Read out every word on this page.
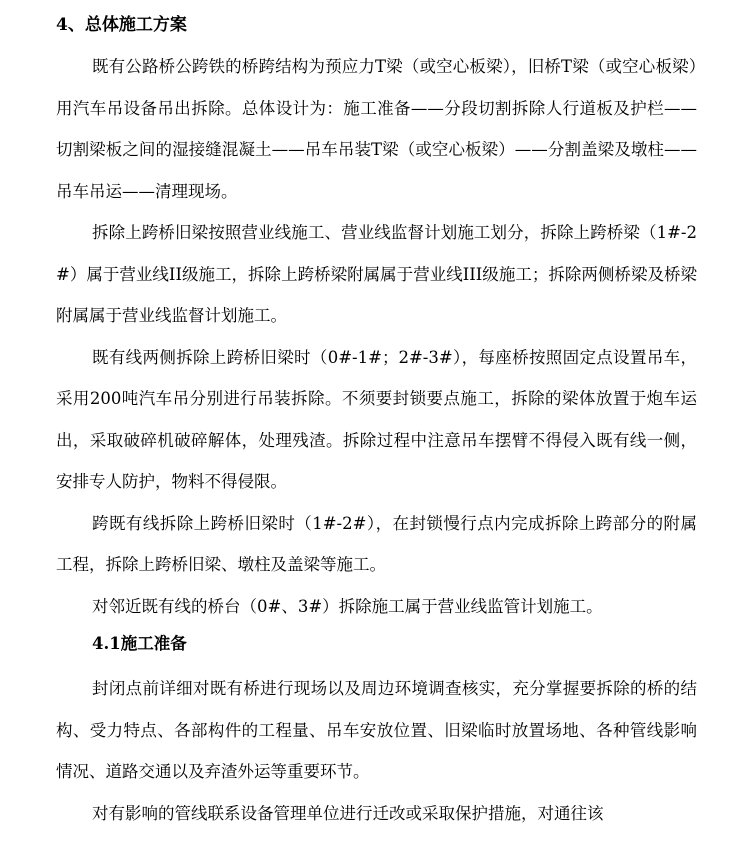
4、总体施工方案

既有公路桥公跨铁的桥跨结构为预应力T梁（或空心板梁），旧桥T梁（或空心板梁）用汽车吊设备吊出拆除。总体设计为：施工准备——分段切割拆除人行道板及护栏——切割梁板之间的湿接缝混凝土——吊车吊装T梁（或空心板梁）——分割盖梁及墩柱——吊车吊运——清理现场。

拆除上跨桥旧梁按照营业线施工、营业线监督计划施工划分，拆除上跨桥梁（1#-2#）属于营业线II级施工，拆除上跨桥梁附属属于营业线III级施工；拆除两侧桥梁及桥梁附属属于营业线监督计划施工。

既有线两侧拆除上跨桥旧梁时（0#-1#；2#-3#），每座桥按照固定点设置吊车，采用200吨汽车吊分别进行吊装拆除。不须要封锁要点施工，拆除的梁体放置于炮车运出，采取破碎机破碎解体，处理残渣。拆除过程中注意吊车摆臂不得侵入既有线一侧，安排专人防护，物料不得侵限。

跨既有线拆除上跨桥旧梁时（1#-2#），在封锁慢行点内完成拆除上跨部分的附属工程，拆除上跨桥旧梁、墩柱及盖梁等施工。

对邻近既有线的桥台（0#、3#）拆除施工属于营业线监管计划施工。

4.1施工准备

封闭点前详细对既有桥进行现场以及周边环境调查核实，充分掌握要拆除的桥的结构、受力特点、各部构件的工程量、吊车安放位置、旧梁临时放置场地、各种管线影响情况、道路交通以及弃渣外运等重要环节。

对有影响的管线联系设备管理单位进行迁改或采取保护措施，对通往该
